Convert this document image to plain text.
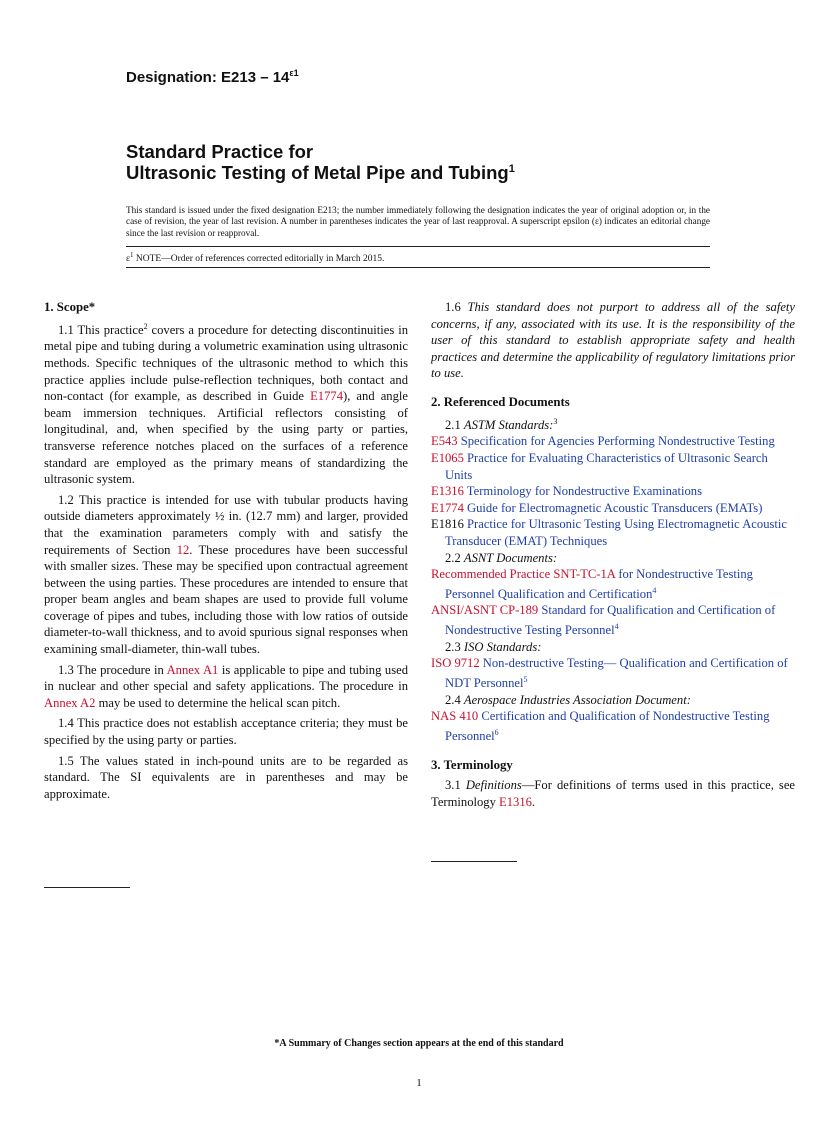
Designation: $E213 - 14^{\varepsilon 1}$
Standard Practice for
Ultrasonic Testing of Metal Pipe and Tubing$^1$
This standard is issued under the fixed designation E213; the number immediately following the designation indicates the year of original adoption or, in the case of revision, the year of last revision. A number in parentheses indicates the year of last reapproval. A superscript epsilon (ε) indicates an editorial change since the last revision or reapproval.
$\varepsilon^1$ NOTE—Order of references corrected editorially in March 2015.
1. Scope*

1.1 This practice$^2$ covers a procedure for detecting discontinuities in metal pipe and tubing during a volumetric examination using ultrasonic methods. Specific techniques of the ultrasonic method to which this practice applies include pulse-reflection techniques, both contact and non-contact (for example, as described in Guide E1774), and angle beam immersion techniques. Artificial reflectors consisting of longitudinal, and, when specified by the using party or parties, transverse reference notches placed on the surfaces of a reference standard are employed as the primary means of standardizing the ultrasonic system.

1.2 This practice is intended for use with tubular products having outside diameters approximately ½ in. (12.7 mm) and larger, provided that the examination parameters comply with and satisfy the requirements of Section 12. These procedures have been successful with smaller sizes. These may be specified upon contractual agreement between the using parties. These procedures are intended to ensure that proper beam angles and beam shapes are used to provide full volume coverage of pipes and tubes, including those with low ratios of outside diameter-to-wall thickness, and to avoid spurious signal responses when examining small-diameter, thin-wall tubes.

1.3 The procedure in Annex A1 is applicable to pipe and tubing used in nuclear and other special and safety applications. The procedure in Annex A2 may be used to determine the helical scan pitch.

1.4 This practice does not establish acceptance criteria; they must be specified by the using party or parties.

1.5 The values stated in inch-pound units are to be regarded as standard. The SI equivalents are in parentheses and may be approximate.

1.6 This standard does not purport to address all of the safety concerns, if any, associated with its use. It is the responsibility of the user of this standard to establish appropriate safety and health practices and determine the applicability of regulatory limitations prior to use.

2. Referenced Documents

2.1 ASTM Standards:$^3$

E543 Specification for Agencies Performing Nondestructive Testing

E1065 Practice for Evaluating Characteristics of Ultrasonic Search Units

E1316 Terminology for Nondestructive Examinations

E1774 Guide for Electromagnetic Acoustic Transducers (EMATs)

E1816 Practice for Ultrasonic Testing Using Electromagnetic Acoustic Transducer (EMAT) Techniques

2.2 ASNT Documents:

Recommended Practice SNT-TC-1A for Nondestructive Testing Personnel Qualification and Certification$^4$

ANSI/ASNT CP-189 Standard for Qualification and Certification of Nondestructive Testing Personnel$^4$

2.3 ISO Standards:

ISO 9712 Non-destructive Testing— Qualification and Certification of NDT Personnel$^5$

2.4 Aerospace Industries Association Document:

NAS 410 Certification and Qualification of Nondestructive Testing Personnel$^6$

3. Terminology

3.1 Definitions—For definitions of terms used in this practice, see Terminology E1316.

*A Summary of Changes section appears at the end of this standard
1
